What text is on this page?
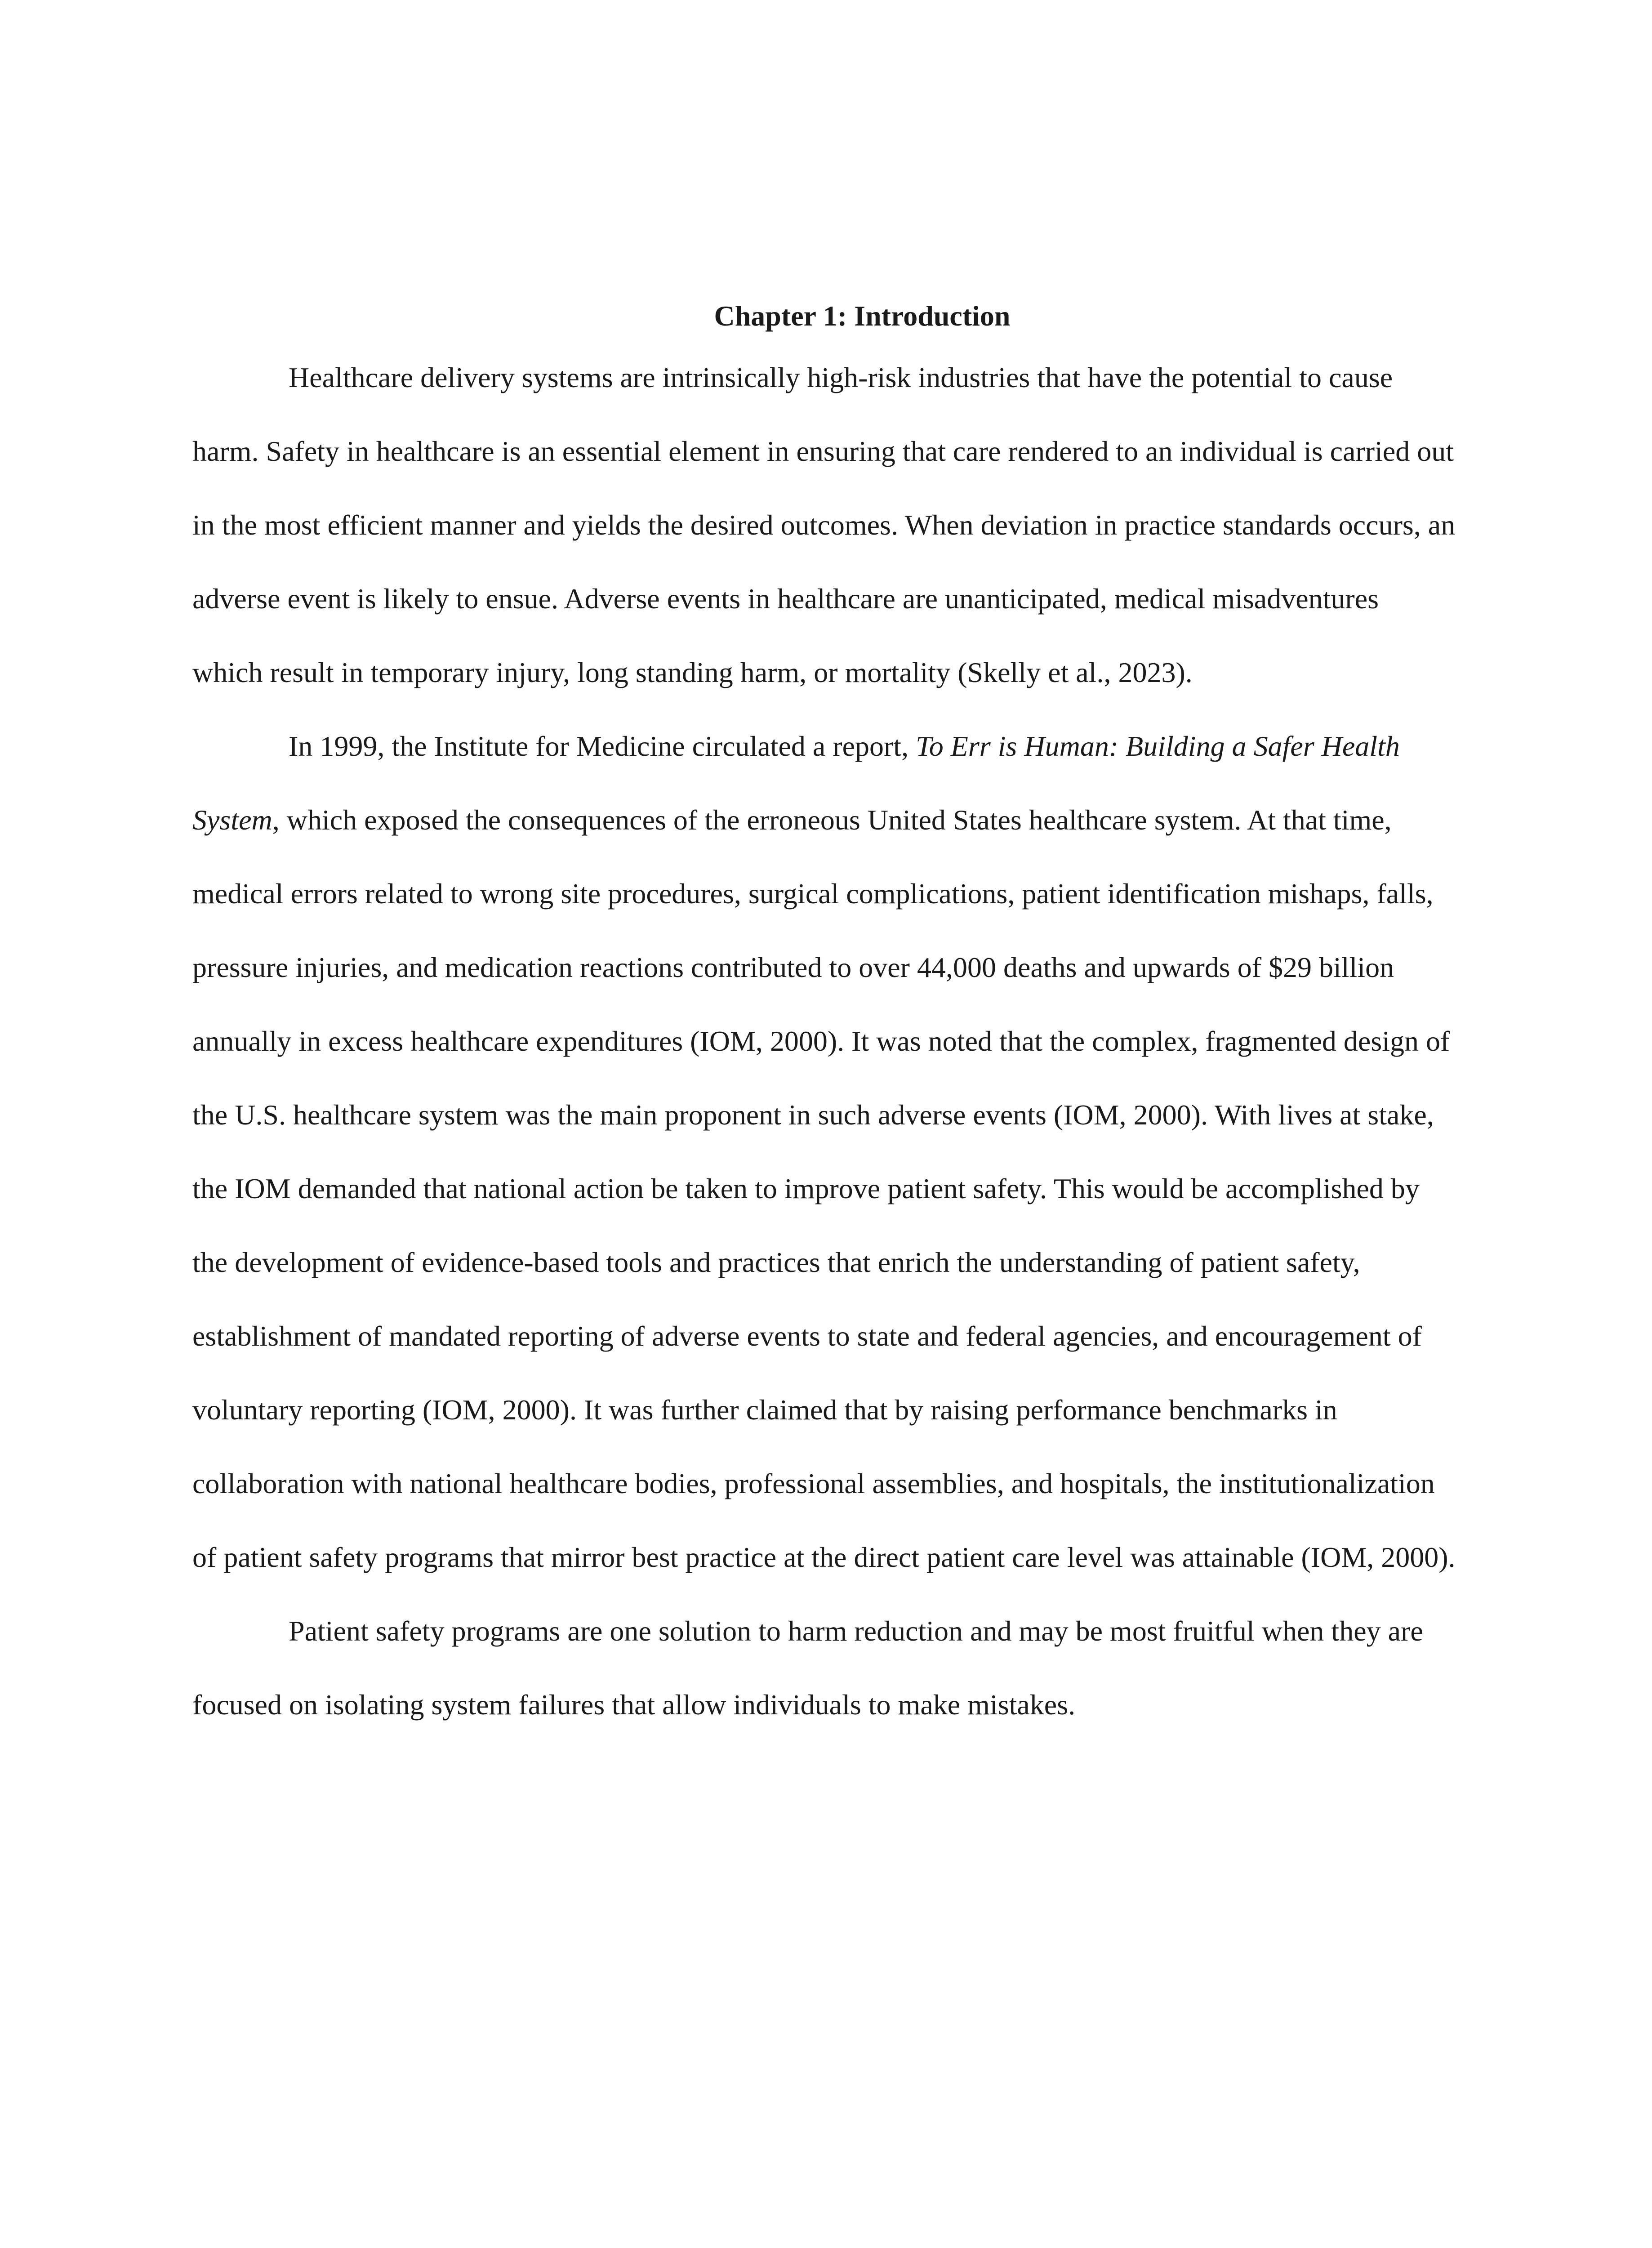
Chapter 1: Introduction

Healthcare delivery systems are intrinsically high-risk industries that have the potential to cause harm. Safety in healthcare is an essential element in ensuring that care rendered to an individual is carried out in the most efficient manner and yields the desired outcomes. When deviation in practice standards occurs, an adverse event is likely to ensue. Adverse events in healthcare are unanticipated, medical misadventures which result in temporary injury, long standing harm, or mortality (Skelly et al., 2023).

In 1999, the Institute for Medicine circulated a report, To Err is Human: Building a Safer Health System, which exposed the consequences of the erroneous United States healthcare system. At that time, medical errors related to wrong site procedures, surgical complications, patient identification mishaps, falls, pressure injuries, and medication reactions contributed to over 44,000 deaths and upwards of $29 billion annually in excess healthcare expenditures (IOM, 2000). It was noted that the complex, fragmented design of the U.S. healthcare system was the main proponent in such adverse events (IOM, 2000). With lives at stake, the IOM demanded that national action be taken to improve patient safety. This would be accomplished by the development of evidence-based tools and practices that enrich the understanding of patient safety, establishment of mandated reporting of adverse events to state and federal agencies, and encouragement of voluntary reporting (IOM, 2000). It was further claimed that by raising performance benchmarks in collaboration with national healthcare bodies, professional assemblies, and hospitals, the institutionalization of patient safety programs that mirror best practice at the direct patient care level was attainable (IOM, 2000).

Patient safety programs are one solution to harm reduction and may be most fruitful when they are focused on isolating system failures that allow individuals to make mistakes.
